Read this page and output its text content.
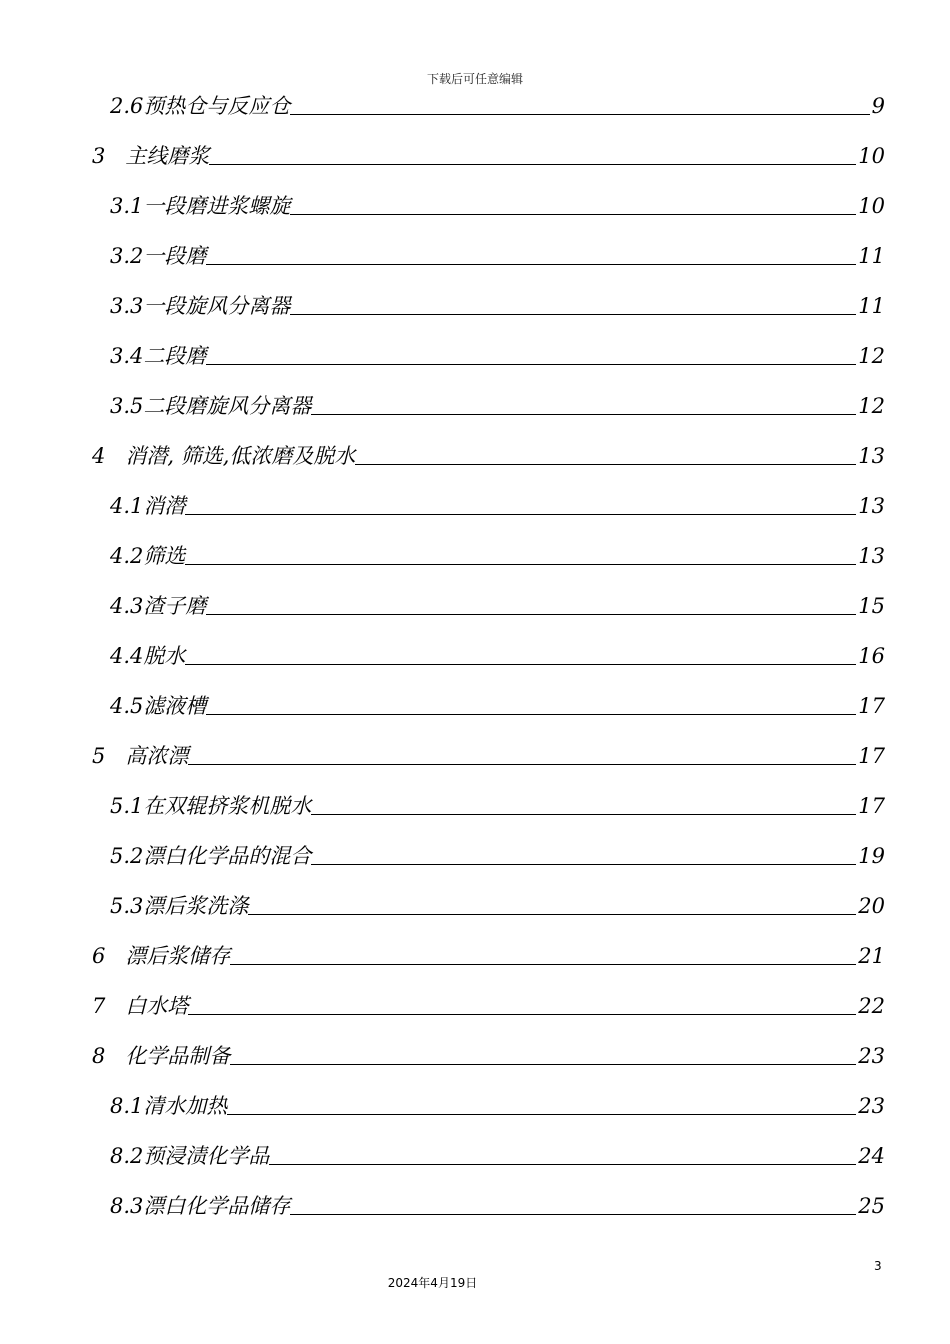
下载后可任意编辑
2.6预热仓与反应仓	9
3   主线磨浆	10
3.1一段磨进浆螺旋	10
3.2一段磨	11
3.3一段旋风分离器	11
3.4二段磨	12
3.5二段磨旋风分离器	12
4   消潜, 筛选,低浓磨及脱水	13
4.1消潜	13
4.2筛选	13
4.3渣子磨	15
4.4脱水	16
4.5滤液槽	17
5   高浓漂	17
5.1在双辊挤浆机脱水	17
5.2漂白化学品的混合	19
5.3漂后浆洗涤	20
6   漂后浆储存	21
7   白水塔	22
8   化学品制备	23
8.1清水加热	23
8.2预浸渍化学品	24
8.3漂白化学品储存	25
3
2024年4月19日
